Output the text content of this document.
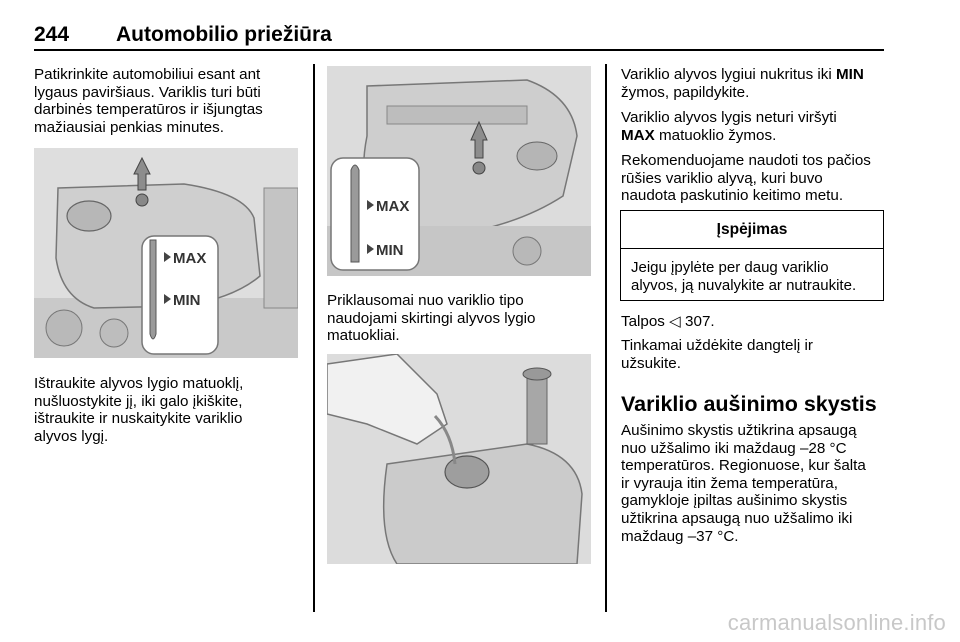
244 Automobilio priežiūra

Patikrinkite automobiliui esant ant
lygaus paviršiaus. Variklis turi būti
darbinės temperatūros ir išjungtas
mažiausiai penkias minutes.

MAX
MIN

Ištraukite alyvos lygio matuoklį,
nušluostykite jį, iki galo įkiškite,
ištraukite ir nuskaitykite variklio
alyvos lygį.

MAX
MIN

Priklausomai nuo variklio tipo
naudojami skirtingi alyvos lygio
matuokliai.

Variklio alyvos lygiui nukritus iki MIN
žymos, papildykite.

Variklio alyvos lygis neturi viršyti
MAX matuoklio žymos.

Rekomenduojame naudoti tos pačios
rūšies variklio alyvą, kuri buvo
naudota paskutinio keitimo metu.

Įspėjimas
Jeigu įpylėte per daug variklio
alyvos, ją nuvalykite ar nutraukite.

Talpos ◁ 307.

Tinkamai uždėkite dangtelį ir
užsukite.

Variklio aušinimo skystis

Aušinimo skystis užtikrina apsaugą
nuo užšalimo iki maždaug –28 °C
temperatūros. Regionuose, kur šalta
ir vyrauja itin žema temperatūra,
gamykloje įpiltas aušinimo skystis
užtikrina apsaugą nuo užšalimo iki
maždaug –37 °C.

carmanualsonline.info
